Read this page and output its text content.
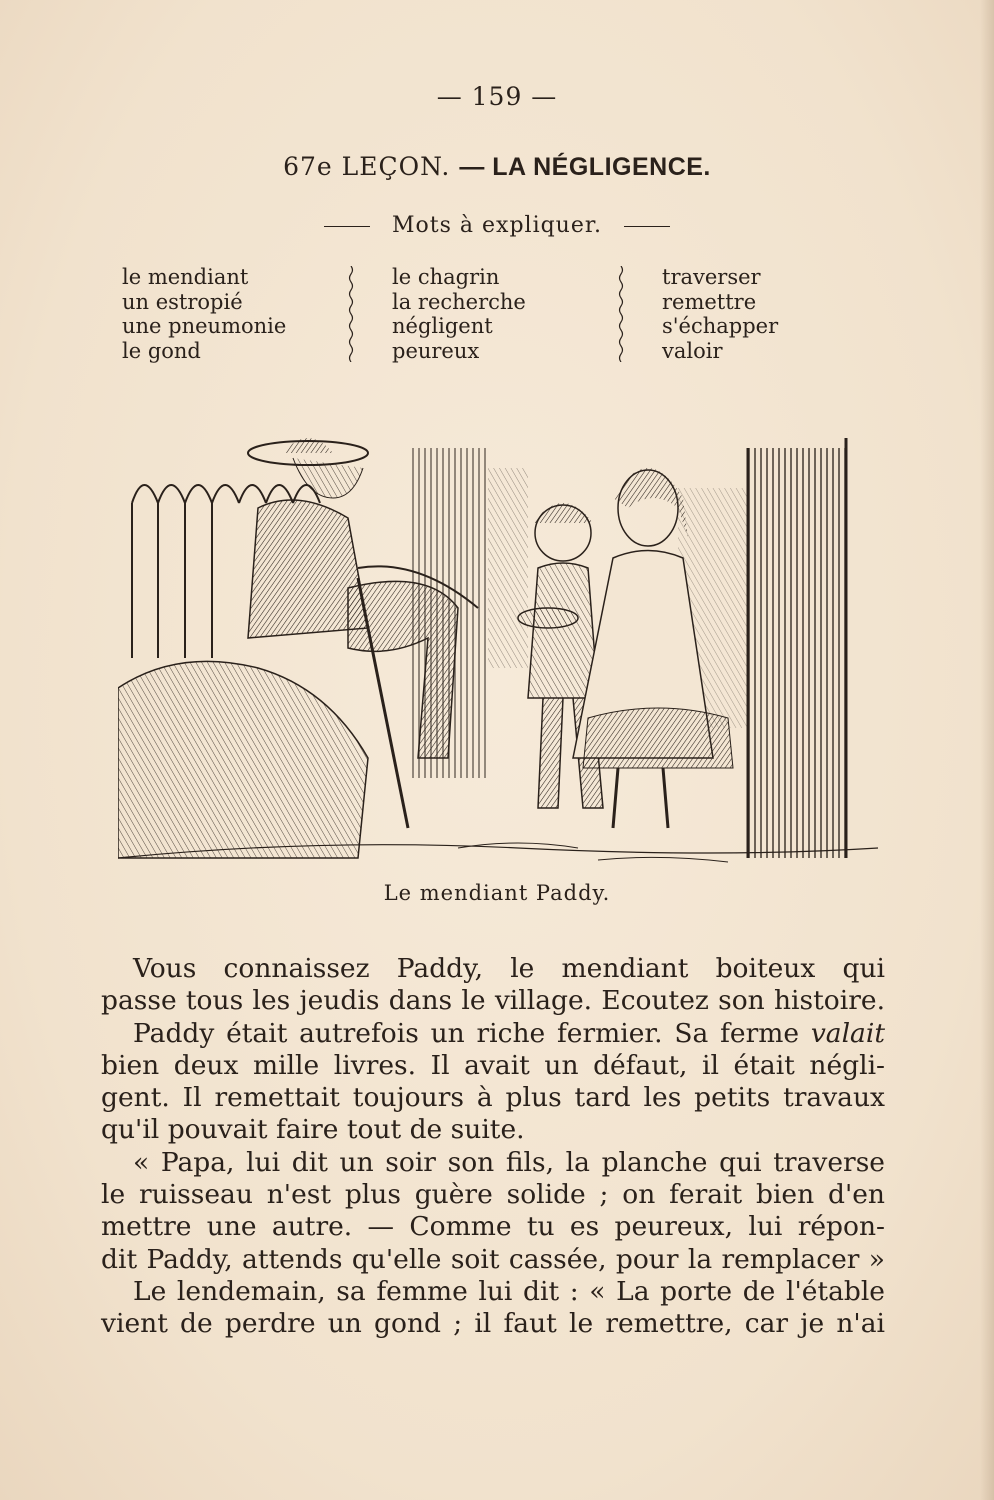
— 159 —
67e LEÇON. — LA NÉGLIGENCE.
Mots à expliquer.
le mendiant
un estropié
une pneumonie
le gond
le chagrin
la recherche
négligent
peureux
traverser
remettre
s'échapper
valoir
Le mendiant Paddy.

Vous connaissez Paddy, le mendiant boiteux qui

passe tous les jeudis dans le village. Ecoutez son histoire.

Paddy était autrefois un riche fermier. Sa ferme valait

bien deux mille livres. Il avait un défaut, il était négli-

gent. Il remettait toujours à plus tard les petits travaux

qu'il pouvait faire tout de suite.

« Papa, lui dit un soir son fils, la planche qui traverse

le ruisseau n'est plus guère solide ; on ferait bien d'en

mettre une autre. — Comme tu es peureux, lui répon-

dit Paddy, attends qu'elle soit cassée, pour la remplacer »

Le lendemain, sa femme lui dit : « La porte de l'étable

vient de perdre un gond ; il faut le remettre, car je n'ai
